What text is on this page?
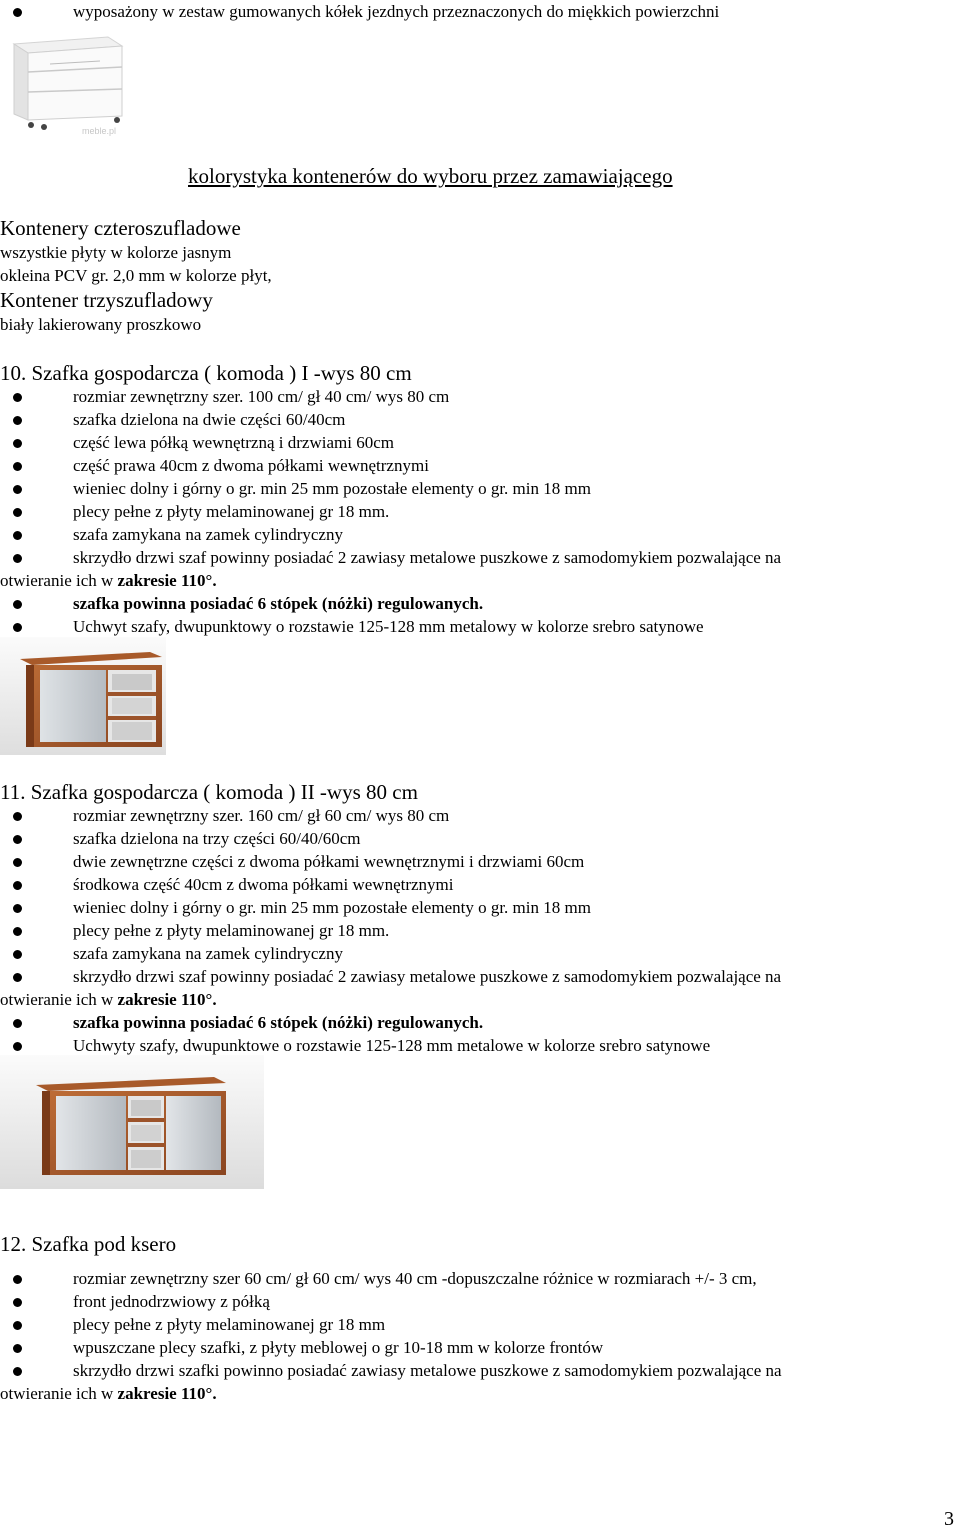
wyposażony w zestaw gumowanych kółek jezdnych przeznaczonych do miękkich powierzchni
meble.pl
kolorystyka kontenerów do wyboru przez zamawiającego
Kontenery czteroszufladowe
wszystkie płyty w kolorze jasnym
okleina PCV gr. 2,0 mm w kolorze płyt,
Kontener trzyszufladowy
biały lakierowany proszkowo
10. Szafka gospodarcza ( komoda ) I -wys 80 cm
rozmiar zewnętrzny szer. 100 cm/ gł 40 cm/ wys 80 cm
szafka dzielona na dwie części 60/40cm
część lewa półką wewnętrzną i drzwiami 60cm
część prawa 40cm z dwoma półkami wewnętrznymi
wieniec dolny i górny o gr. min 25 mm pozostałe elementy o gr. min 18 mm
plecy pełne z płyty melaminowanej gr 18 mm.
szafa zamykana na zamek cylindryczny
skrzydło drzwi szaf powinny posiadać 2 zawiasy metalowe puszkowe z samodomykiem pozwalające na
otwieranie ich w zakresie 110°.
szafka powinna posiadać 6 stópek (nóżki) regulowanych.
Uchwyt szafy, dwupunktowy o rozstawie 125-128 mm metalowy w kolorze srebro satynowe
11. Szafka gospodarcza ( komoda ) II -wys 80 cm
rozmiar zewnętrzny szer. 160 cm/ gł 60 cm/ wys 80 cm
szafka dzielona na trzy części 60/40/60cm
dwie zewnętrzne części z dwoma półkami wewnętrznymi i drzwiami 60cm
środkowa część 40cm z dwoma półkami wewnętrznymi
wieniec dolny i górny o gr. min 25 mm pozostałe elementy o gr. min 18 mm
plecy pełne z płyty melaminowanej gr 18 mm.
szafa zamykana na zamek cylindryczny
skrzydło drzwi szaf powinny posiadać 2 zawiasy metalowe puszkowe z samodomykiem pozwalające na
otwieranie ich w zakresie 110°.
szafka powinna posiadać 6 stópek (nóżki) regulowanych.
Uchwyty szafy, dwupunktowe o rozstawie 125-128 mm metalowe w kolorze srebro satynowe
12. Szafka pod ksero
rozmiar zewnętrzny szer 60 cm/ gł 60 cm/ wys 40 cm -dopuszczalne różnice w rozmiarach +/- 3 cm,
front jednodrzwiowy z półką
plecy pełne z płyty melaminowanej gr 18 mm
wpuszczane plecy szafki, z płyty meblowej o gr 10-18 mm w kolorze frontów
skrzydło drzwi szafki powinno posiadać zawiasy metalowe puszkowe z samodomykiem pozwalające na
otwieranie ich w zakresie 110°.
3
